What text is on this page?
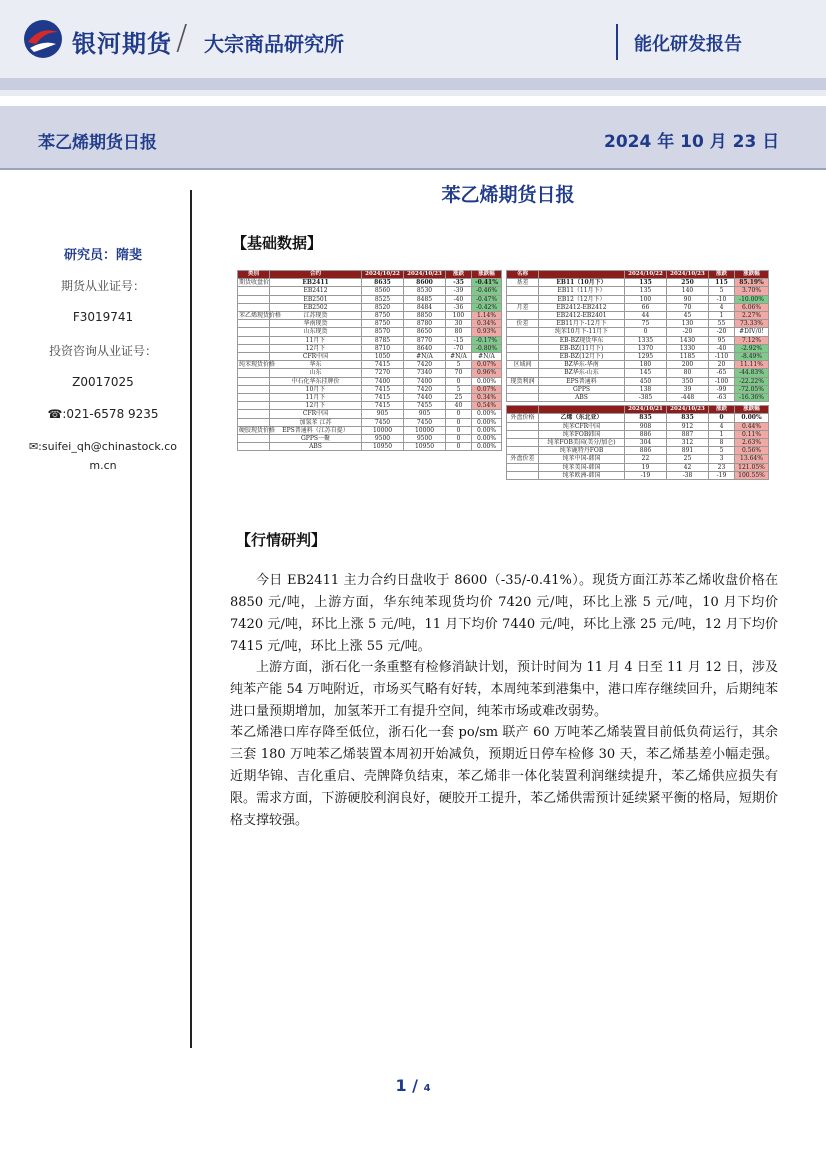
银河期货 / 大宗商品研究所	能化研发报告
苯乙烯期货日报	2024 年 10 月 23 日
研究员：隋斐
期货从业证号：
F3019741
投资咨询从业证号：
Z0017025
☎:021-6578 9235
✉:suifei_qh@chinastock.co
m.cn
苯乙烯期货日报
【基础数据】
类别	合约	2024/10/22	2024/10/23	涨跌	涨跌幅
期货收盘价	EB2411	8635	8600	-35	-0.41%
	EB2412	8560	8530	-39	-0.46%
	EB2501	8525	8485	-40	-0.47%
	EB2502	8520	8484	-36	-0.42%
苯乙烯现货价格	江苏现货	8750	8850	100	1.14%
	华南现货	8750	8780	30	0.34%
	山东现货	8570	8650	80	0.93%
	11月下	8785	8770	-15	-0.17%
	12月下	8710	8640	-70	-0.80%
	CFR中国	1050	#N/A	#N/A	#N/A
纯苯现货价格	华东	7415	7420	5	0.07%
	山东	7270	7340	70	0.96%
	中石化华东挂牌价	7400	7400	0	0.00%
	10月下	7415	7420	5	0.07%
	11月下	7415	7440	25	0.34%
	12月下	7415	7455	40	0.54%
	CFR中国	905	905	0	0.00%
	加氢苯 江苏	7450	7450	0	0.00%
硬胶现货价格	EPS普通料（江苏自提）	10000	10000	0	0.00%
	GPPS一聚	9500	9500	0	0.00%
	ABS	10950	10950	0	0.00%
名称		2024/10/22	2024/10/23	涨跌	涨跌幅
基差	EB11（10月下）	135	250	115	85.19%
	EB11（11月下）	135	140	5	3.70%
	EB12（12月下）	100	90	-10	-10.00%
月差	EB2412-EB2412	66	70	4	6.06%
	EB2412-EB2401	44	45	1	2.27%
价差	EB11月下-12月下	75	130	55	73.33%
	纯苯10月下-11月下	0	-20	-20	#DIV/0!
	EB-BZ现货华东	1335	1430	95	7.12%
	EB-BZ(11月下)	1370	1330	-40	-2.92%
	EB-BZ(12月下)	1295	1185	-110	-8.49%
区域间	BZ华东-华南	180	200	20	11.11%
	BZ华东-山东	145	80	-65	-44.83%
现货利润	EPS普通料	450	350	-100	-22.22%
	GPPS	138	39	-99	-72.05%
	ABS	-385	-448	-63	-16.36%
		2024/10/21	2024/10/23	涨跌	涨跌幅
外盘价格	乙烯（东北亚）	835	835	0	0.00%
	纯苯CFR中国	908	912	4	0.44%
	纯苯FOB韩国	886	887	1	0.11%
	纯苯FOB美国(美分/加仑)	304	312	8	2.63%
	纯苯鹿特丹FOB	886	891	5	0.56%
外盘价差	纯苯中国-韩国	22	25	3	13.64%
	纯苯美国-韩国	19	42	23	121.05%
	纯苯欧洲-韩国	-19	-38	-19	100.55%
【行情研判】
今日 EB2411 主力合约日盘收于 8600（-35/-0.41%）。现货方面江苏苯乙烯收盘价格在 8850 元/吨，上游方面，华东纯苯现货均价 7420 元/吨，环比上涨 5 元/吨，10 月下均价 7420 元/吨，环比上涨 5 元/吨，11 月下均价 7440 元/吨，环比上涨 25 元/吨，12 月下均价 7415 元/吨，环比上涨 55 元/吨。
上游方面，浙石化一条重整有检修消缺计划，预计时间为 11 月 4 日至 11 月 12 日，涉及纯苯产能 54 万吨附近，市场买气略有好转，本周纯苯到港集中，港口库存继续回升，后期纯苯进口量预期增加，加氢苯开工有提升空间，纯苯市场或难改弱势。
苯乙烯港口库存降至低位，浙石化一套 po/sm 联产 60 万吨苯乙烯装置目前低负荷运行，其余三套 180 万吨苯乙烯装置本周初开始减负，预期近日停车检修 30 天，苯乙烯基差小幅走强。近期华锦、吉化重启、壳牌降负结束，苯乙烯非一体化装置利润继续提升，苯乙烯供应损失有限。需求方面，下游硬胶利润良好，硬胶开工提升，苯乙烯供需预计延续紧平衡的格局，短期价格支撑较强。
1 / 4
